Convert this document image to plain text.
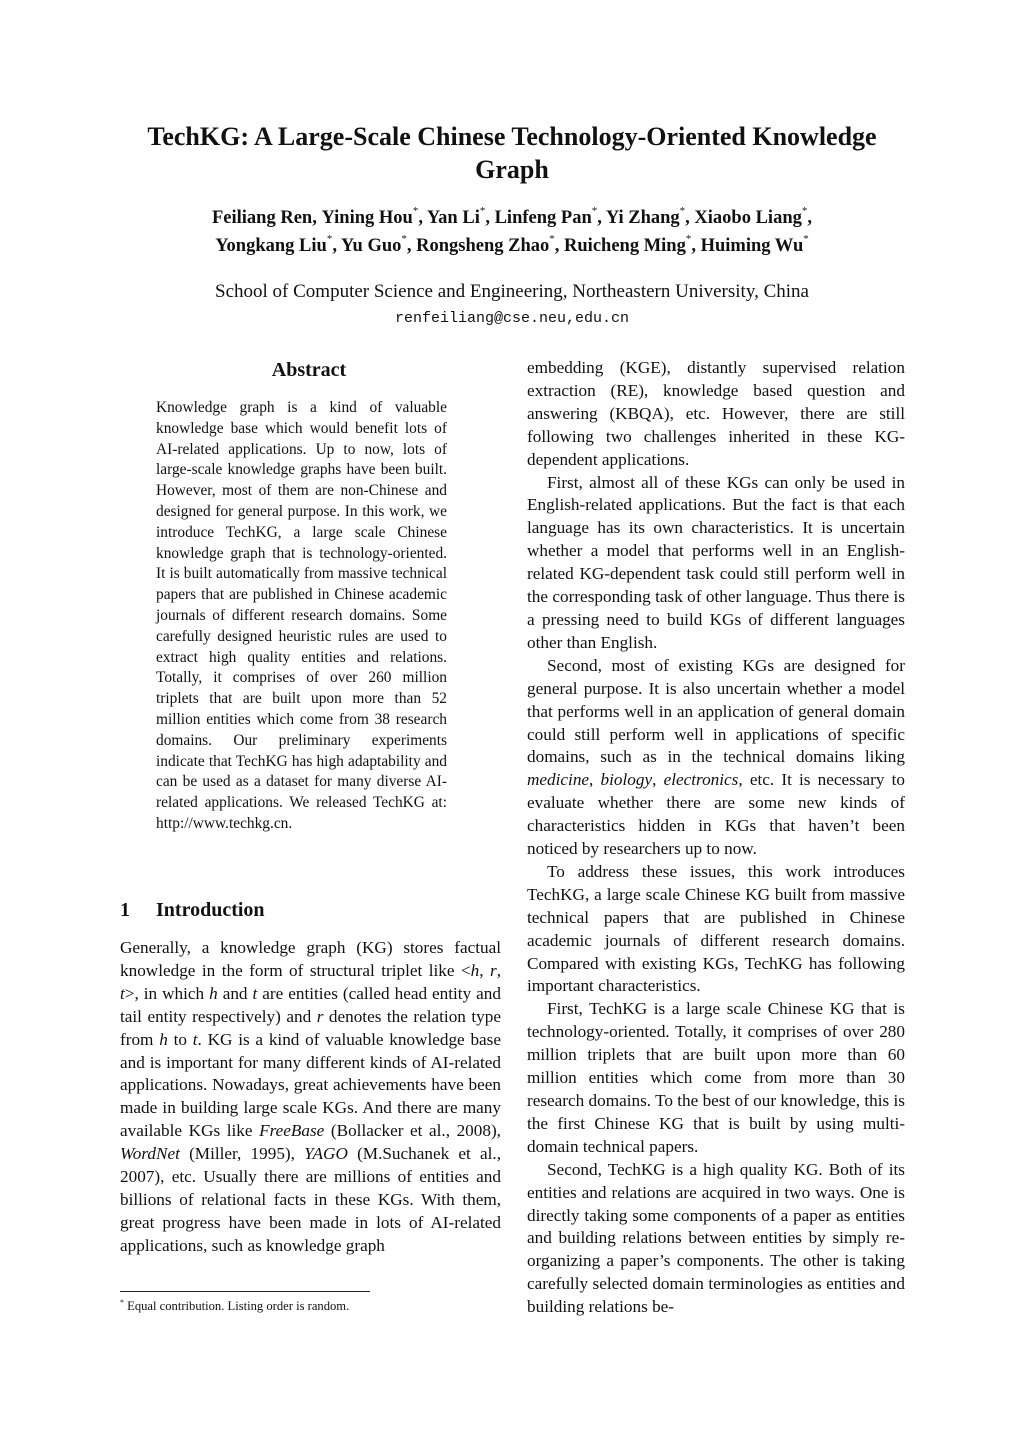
TechKG: A Large-Scale Chinese Technology-Oriented Knowledge
Graph
Feiliang Ren, Yining Hou*, Yan Li*, Linfeng Pan*, Yi Zhang*, Xiaobo Liang*,
Yongkang Liu*, Yu Guo*, Rongsheng Zhao*, Ruicheng Ming*, Huiming Wu*
School of Computer Science and Engineering, Northeastern University, China
renfeiliang@cse.neu,edu.cn
Abstract
Knowledge graph is a kind of valuable knowledge base which would benefit lots of AI-related applications. Up to now, lots of large-scale knowledge graphs have been built. However, most of them are non-Chinese and designed for general purpose. In this work, we introduce TechKG, a large scale Chinese knowledge graph that is technology-oriented. It is built automatically from massive technical papers that are published in Chinese academic journals of different research domains. Some carefully designed heuristic rules are used to extract high quality entities and relations. Totally, it comprises of over 260 million triplets that are built upon more than 52 million entities which come from 38 research domains. Our preliminary experiments indicate that TechKG has high adaptability and can be used as a dataset for many diverse AI-related applications. We released TechKG at: http://www.techkg.cn.
1 Introduction
Generally, a knowledge graph (KG) stores factual knowledge in the form of structural triplet like <h, r, t>, in which h and t are entities (called head entity and tail entity respectively) and r denotes the relation type from h to t. KG is a kind of valuable knowledge base and is important for many different kinds of AI-related applications. Nowadays, great achievements have been made in building large scale KGs. And there are many available KGs like FreeBase (Bollacker et al., 2008), WordNet (Miller, 1995), YAGO (M.Suchanek et al., 2007), etc. Usually there are millions of entities and billions of relational facts in these KGs. With them, great progress have been made in lots of AI-related applications, such as knowledge graph
* Equal contribution. Listing order is random.

embedding (KGE), distantly supervised relation extraction (RE), knowledge based question and answering (KBQA), etc. However, there are still following two challenges inherited in these KG-dependent applications.

First, almost all of these KGs can only be used in English-related applications. But the fact is that each language has its own characteristics. It is uncertain whether a model that performs well in an English-related KG-dependent task could still perform well in the corresponding task of other language. Thus there is a pressing need to build KGs of different languages other than English.

Second, most of existing KGs are designed for general purpose. It is also uncertain whether a model that performs well in an application of general domain could still perform well in applications of specific domains, such as in the technical domains liking medicine, biology, electronics, etc. It is necessary to evaluate whether there are some new kinds of characteristics hidden in KGs that haven’t been noticed by researchers up to now.

To address these issues, this work introduces TechKG, a large scale Chinese KG built from massive technical papers that are published in Chinese academic journals of different research domains. Compared with existing KGs, TechKG has following important characteristics.

First, TechKG is a large scale Chinese KG that is technology-oriented. Totally, it comprises of over 280 million triplets that are built upon more than 60 million entities which come from more than 30 research domains. To the best of our knowledge, this is the first Chinese KG that is built by using multi-domain technical papers.

Second, TechKG is a high quality KG. Both of its entities and relations are acquired in two ways. One is directly taking some components of a paper as entities and building relations between entities by simply re-organizing a paper’s components. The other is taking carefully selected domain terminologies as entities and building relations be-
